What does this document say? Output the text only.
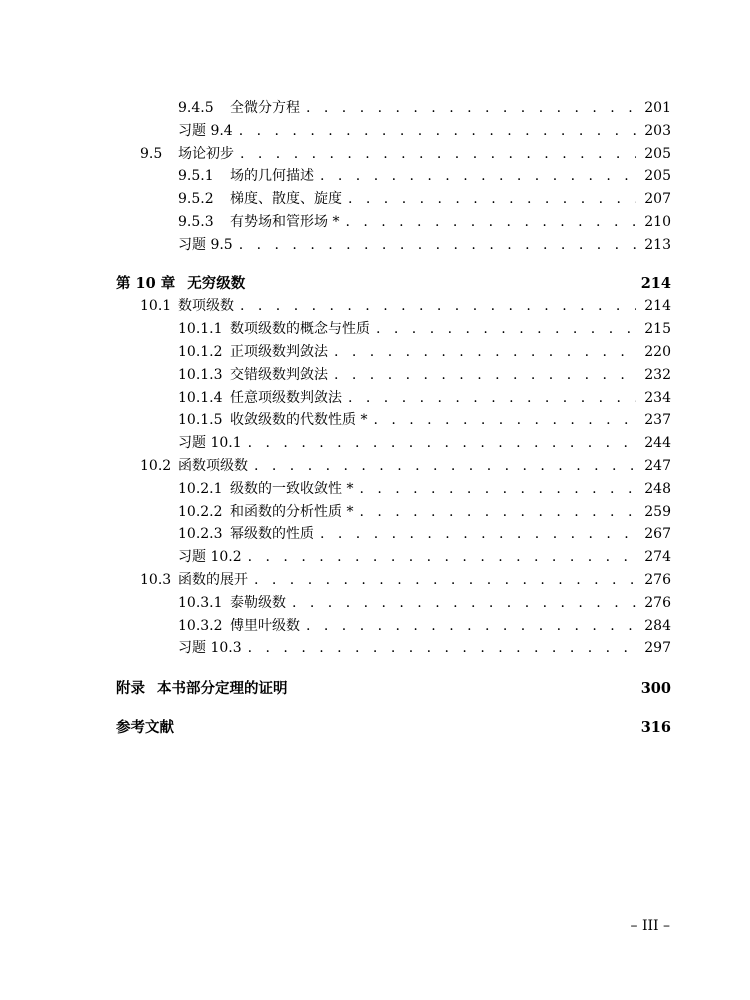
9.4.5	全微分方程 . . .	201
习题 9.4 . . .	203
9.5	场论初步 . . .	205
9.5.1	场的几何描述 . . .	205
9.5.2	梯度、散度、旋度 . . .	207
9.5.3	有势场和管形场 * . . .	210
习题 9.5 . . .	213
第 10 章 无穷级数	214
10.1 数项级数 . . .	214
10.1.1 数项级数的概念与性质 . . .	215
10.1.2 正项级数判敛法 . . .	220
10.1.3 交错级数判敛法 . . .	232
10.1.4 任意项级数判敛法 . . .	234
10.1.5 收敛级数的代数性质 * . . .	237
习题 10.1 . . .	244
10.2 函数项级数 . . .	247
10.2.1 级数的一致收敛性 * . . .	248
10.2.2 和函数的分析性质 * . . .	259
10.2.3 幂级数的性质 . . .	267
习题 10.2 . . .	274
10.3 函数的展开 . . .	276
10.3.1 泰勒级数 . . .	276
10.3.2 傅里叶级数 . . .	284
习题 10.3 . . .	297
附录 本书部分定理的证明	300
参考文献	316
– III –
